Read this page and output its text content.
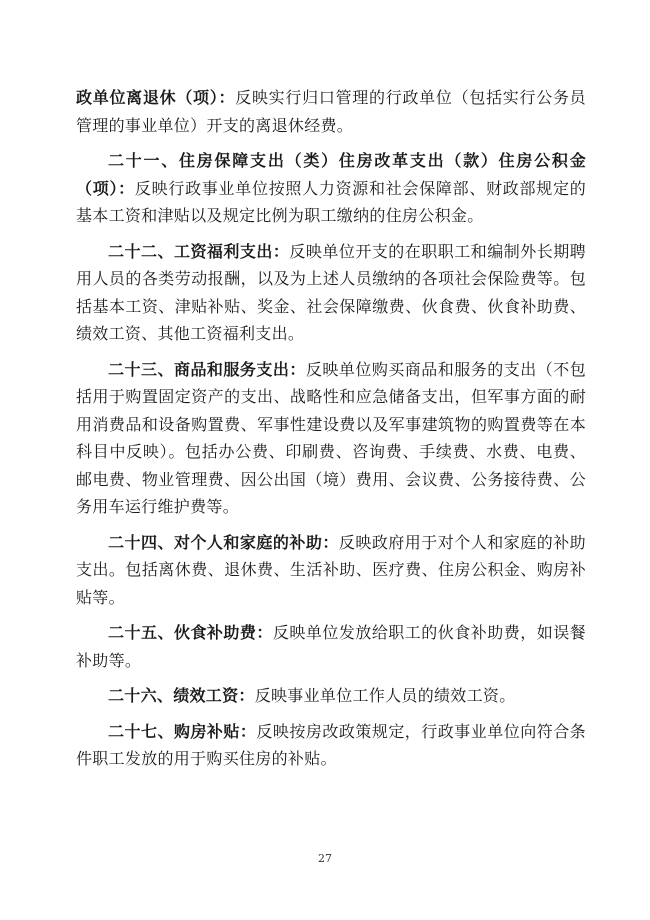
政单位离退休（项）：反映实行归口管理的行政单位（包括实行公务员管理的事业单位）开支的离退休经费。

二十一、住房保障支出（类）住房改革支出（款）住房公积金（项）：反映行政事业单位按照人力资源和社会保障部、财政部规定的基本工资和津贴以及规定比例为职工缴纳的住房公积金。

二十二、工资福利支出：反映单位开支的在职职工和编制外长期聘用人员的各类劳动报酬，以及为上述人员缴纳的各项社会保险费等。包括基本工资、津贴补贴、奖金、社会保障缴费、伙食费、伙食补助费、绩效工资、其他工资福利支出。

二十三、商品和服务支出：反映单位购买商品和服务的支出（不包括用于购置固定资产的支出、战略性和应急储备支出，但军事方面的耐用消费品和设备购置费、军事性建设费以及军事建筑物的购置费等在本科目中反映）。包括办公费、印刷费、咨询费、手续费、水费、电费、邮电费、物业管理费、因公出国（境）费用、会议费、公务接待费、公务用车运行维护费等。

二十四、对个人和家庭的补助：反映政府用于对个人和家庭的补助支出。包括离休费、退休费、生活补助、医疗费、住房公积金、购房补贴等。

二十五、伙食补助费：反映单位发放给职工的伙食补助费，如误餐补助等。

二十六、绩效工资：反映事业单位工作人员的绩效工资。

二十七、购房补贴：反映按房改政策规定，行政事业单位向符合条件职工发放的用于购买住房的补贴。

27
